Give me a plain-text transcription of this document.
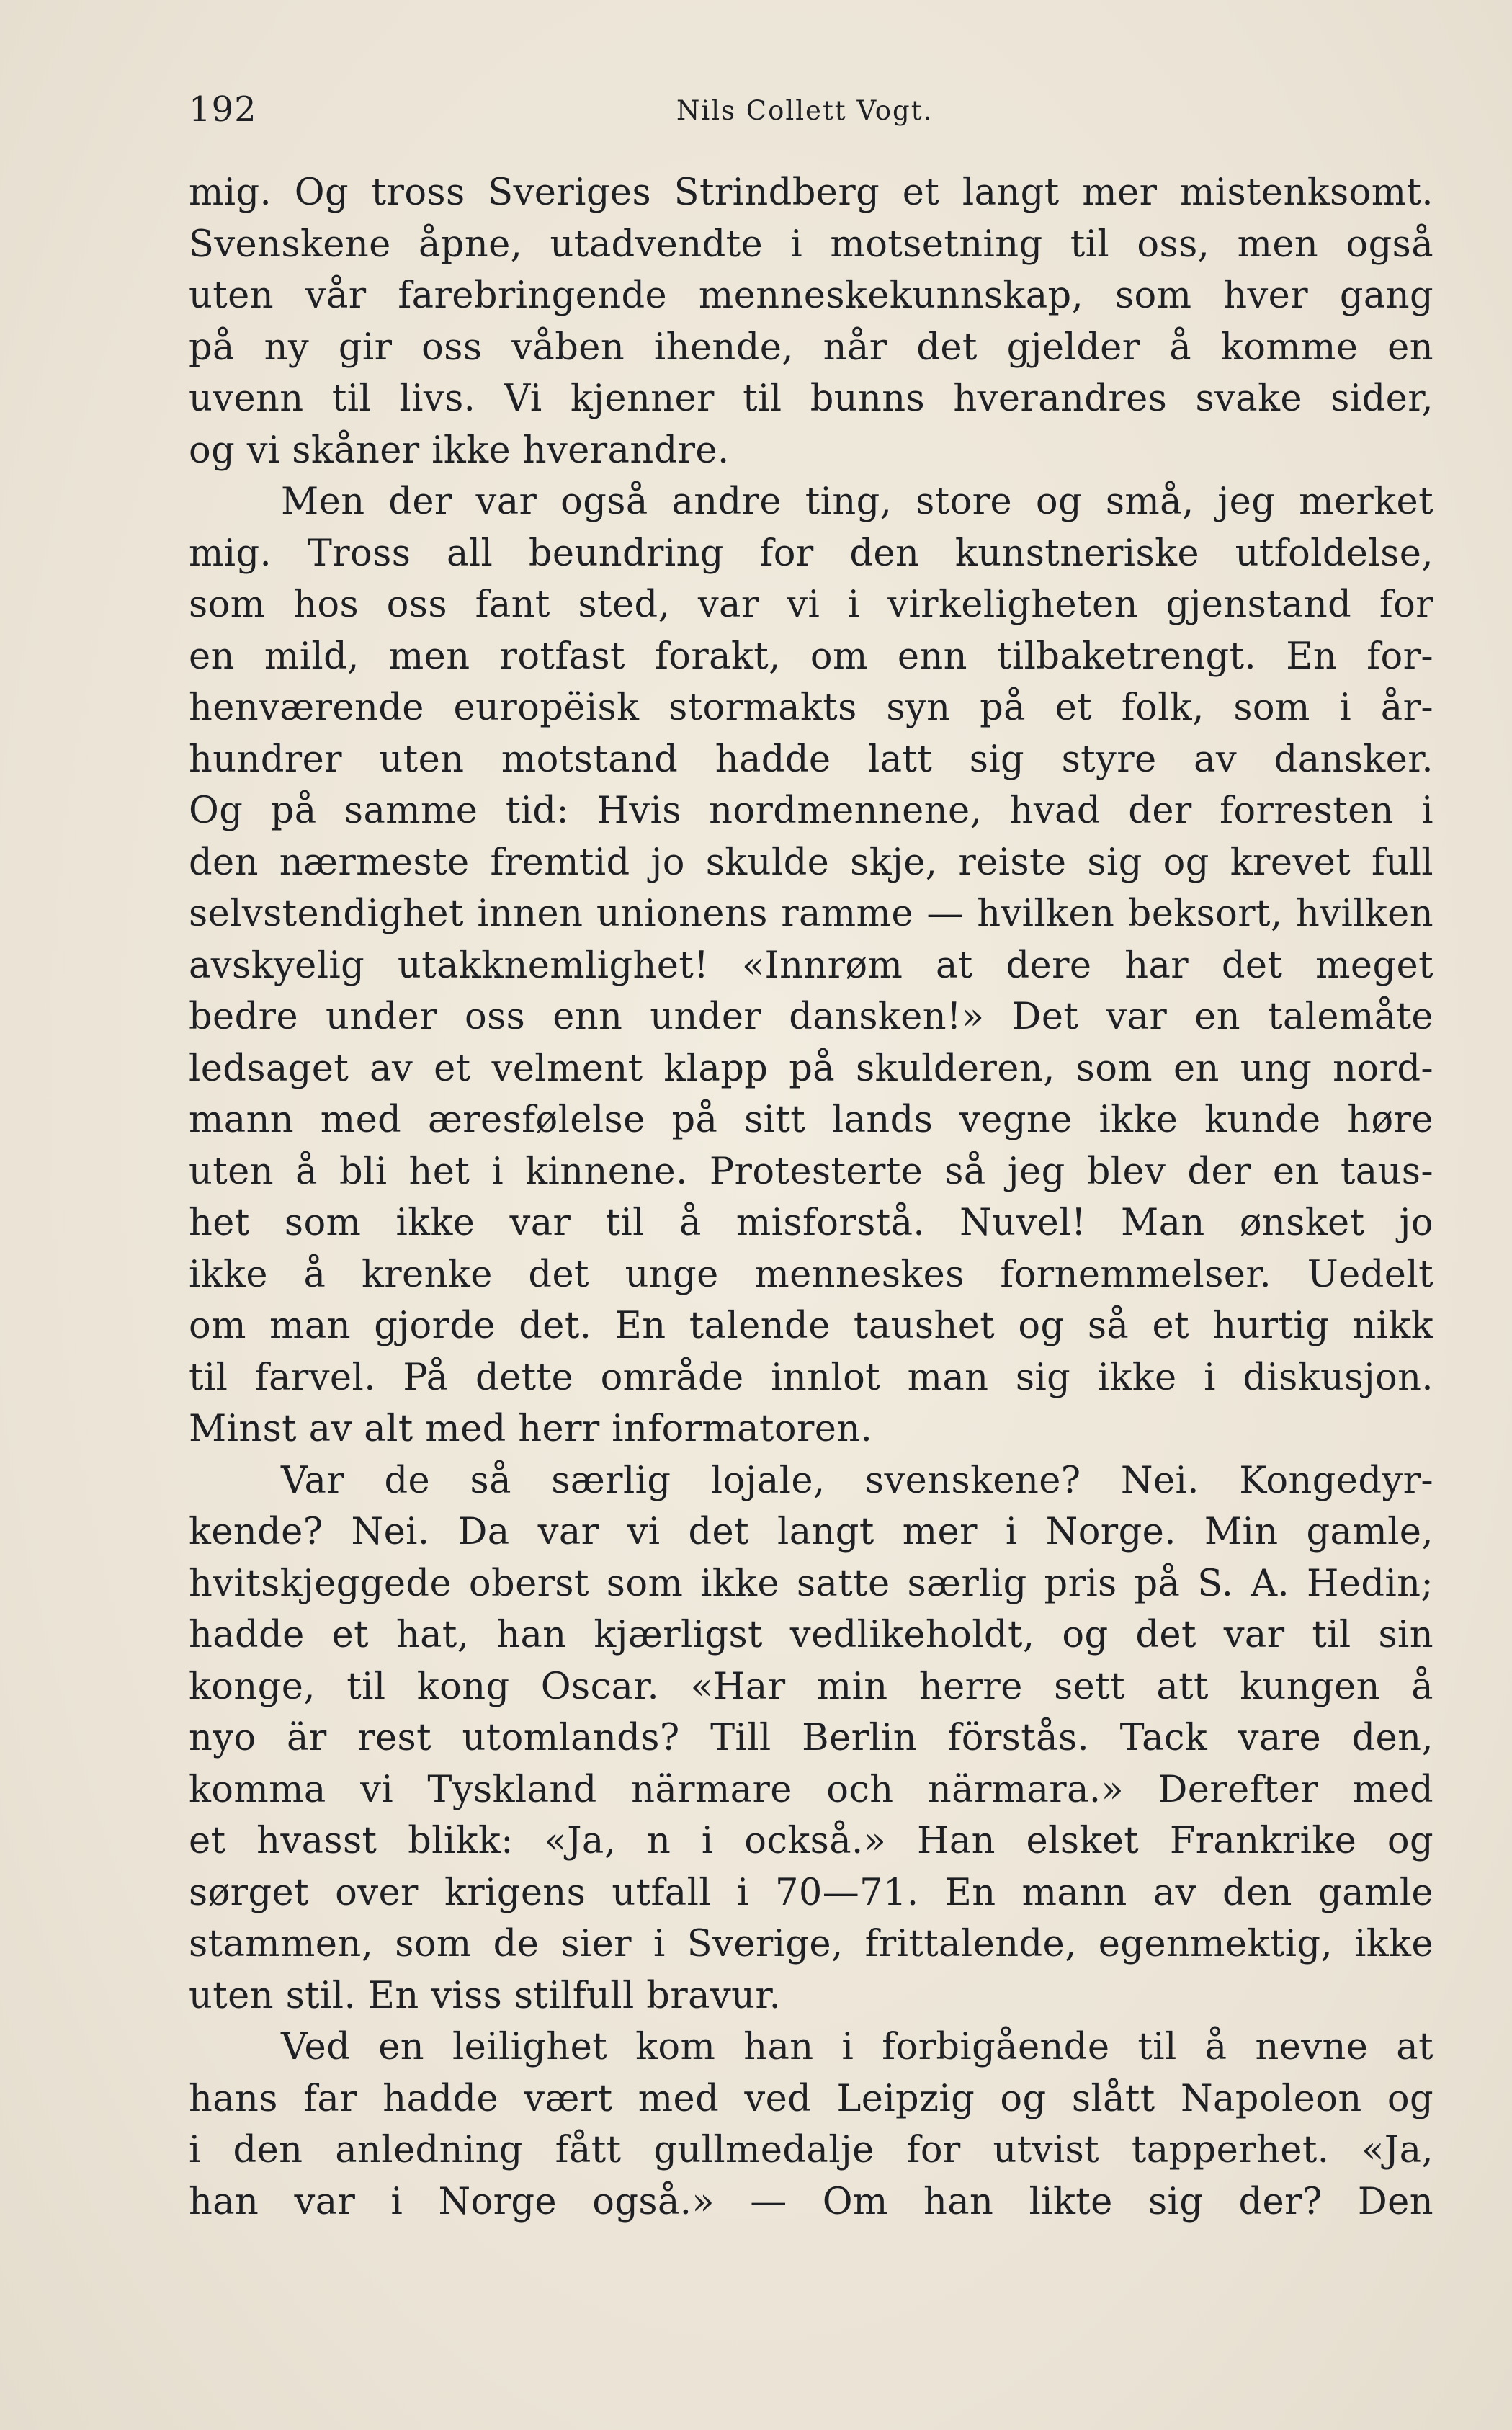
192	Nils Collett Vogt.
mig. Og tross Sveriges Strindberg et langt mer mistenksomt.
Svenskene åpne, utadvendte i motsetning til oss, men også
uten vår farebringende menneskekunnskap, som hver gang
på ny gir oss våben ihende, når det gjelder å komme en
uvenn til livs. Vi kjenner til bunns hverandres svake sider,
og vi skåner ikke hverandre.
Men der var også andre ting, store og små, jeg merket
mig. Tross all beundring for den kunstneriske utfoldelse,
som hos oss fant sted, var vi i virkeligheten gjenstand for
en mild, men rotfast forakt, om enn tilbaketrengt. En for-
henværende europëisk stormakts syn på et folk, som i år-
hundrer uten motstand hadde latt sig styre av dansker.
Og på samme tid: Hvis nordmennene, hvad der forresten i
den nærmeste fremtid jo skulde skje, reiste sig og krevet full
selvstendighet innen unionens ramme — hvilken beksort, hvilken
avskyelig utakknemlighet! «Innrøm at dere har det meget
bedre under oss enn under dansken!» Det var en talemåte
ledsaget av et velment klapp på skulderen, som en ung nord-
mann med æresfølelse på sitt lands vegne ikke kunde høre
uten å bli het i kinnene. Protesterte så jeg blev der en taus-
het som ikke var til å misforstå. Nuvel! Man ønsket jo
ikke å krenke det unge menneskes fornemmelser. Uedelt
om man gjorde det. En talende taushet og så et hurtig nikk
til farvel. På dette område innlot man sig ikke i diskusjon.
Minst av alt med herr informatoren.
Var de så særlig lojale, svenskene? Nei. Kongedyr-
kende? Nei. Da var vi det langt mer i Norge. Min gamle,
hvitskjeggede oberst som ikke satte særlig pris på S. A. Hedin;
hadde et hat, han kjærligst vedlikeholdt, og det var til sin
konge, til kong Oscar. «Har min herre sett att kungen å
nyo är rest utomlands? Till Berlin förstås. Tack vare den,
komma vi Tyskland närmare och närmara.» Derefter med
et hvasst blikk: «Ja, n i också.» Han elsket Frankrike og
sørget over krigens utfall i 70—71. En mann av den gamle
stammen, som de sier i Sverige, frittalende, egenmektig, ikke
uten stil. En viss stilfull bravur.
Ved en leilighet kom han i forbigående til å nevne at
hans far hadde vært med ved Leipzig og slått Napoleon og
i den anledning fått gullmedalje for utvist tapperhet. «Ja,
han var i Norge også.» — Om han likte sig der? Den
